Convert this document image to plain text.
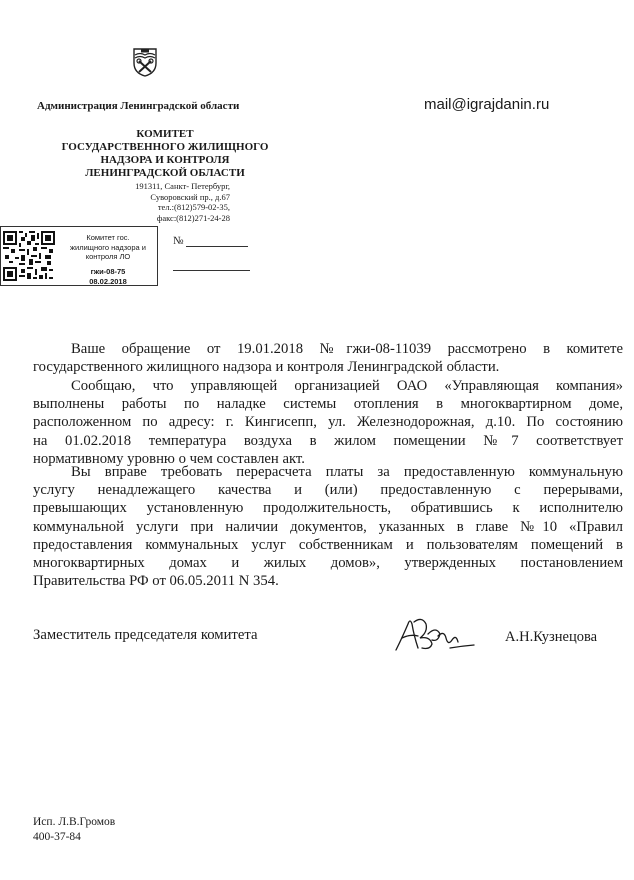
Администрация Ленинградской области	mail@igrajdanin.ru
КОМИТЕТ
ГОСУДАРСТВЕННОГО ЖИЛИЩНОГО
НАДЗОРА И КОНТРОЛЯ
ЛЕНИНГРАДСКОЙ ОБЛАСТИ
191311, Санкт- Петербург,
Суворовский пр., д.67
тел.:(812)579-02-35,
факс:(812)271-24-28
Комитет гос.
жилищного надзора и
контроля ЛО
гжи-08-75
08.02.2018
№
Ваше обращение от 19.01.2018 №гжи-08-11039 рассмотрено в комитете
государственного жилищного надзора и контроля Ленинградской области.
Сообщаю, что управляющей организацией ОАО «Управляющая компания»
выполнены работы по наладке системы отопления в многоквартирном доме,
расположенном по адресу: г. Кингисепп, ул. Железнодорожная, д.10. По состоянию
на 01.02.2018 температура воздуха в жилом помещении №7 соответствует
нормативному уровню о чем составлен акт.
Вы вправе требовать перерасчета платы за предоставленную коммунальную
услугу ненадлежащего качества и (или) предоставленную с перерывами,
превышающих установленную продолжительность, обратившись к исполнителю
коммунальной услуги при наличии документов, указанных в главе №10 «Правил
предоставления коммунальных услуг собственникам и пользователям помещений в
многоквартирных домах и жилых домов», утвержденных постановлением
Правительства РФ от 06.05.2011 N 354.
Заместитель председателя комитета	А.Н.Кузнецова
Исп. Л.В.Громов
400-37-84
